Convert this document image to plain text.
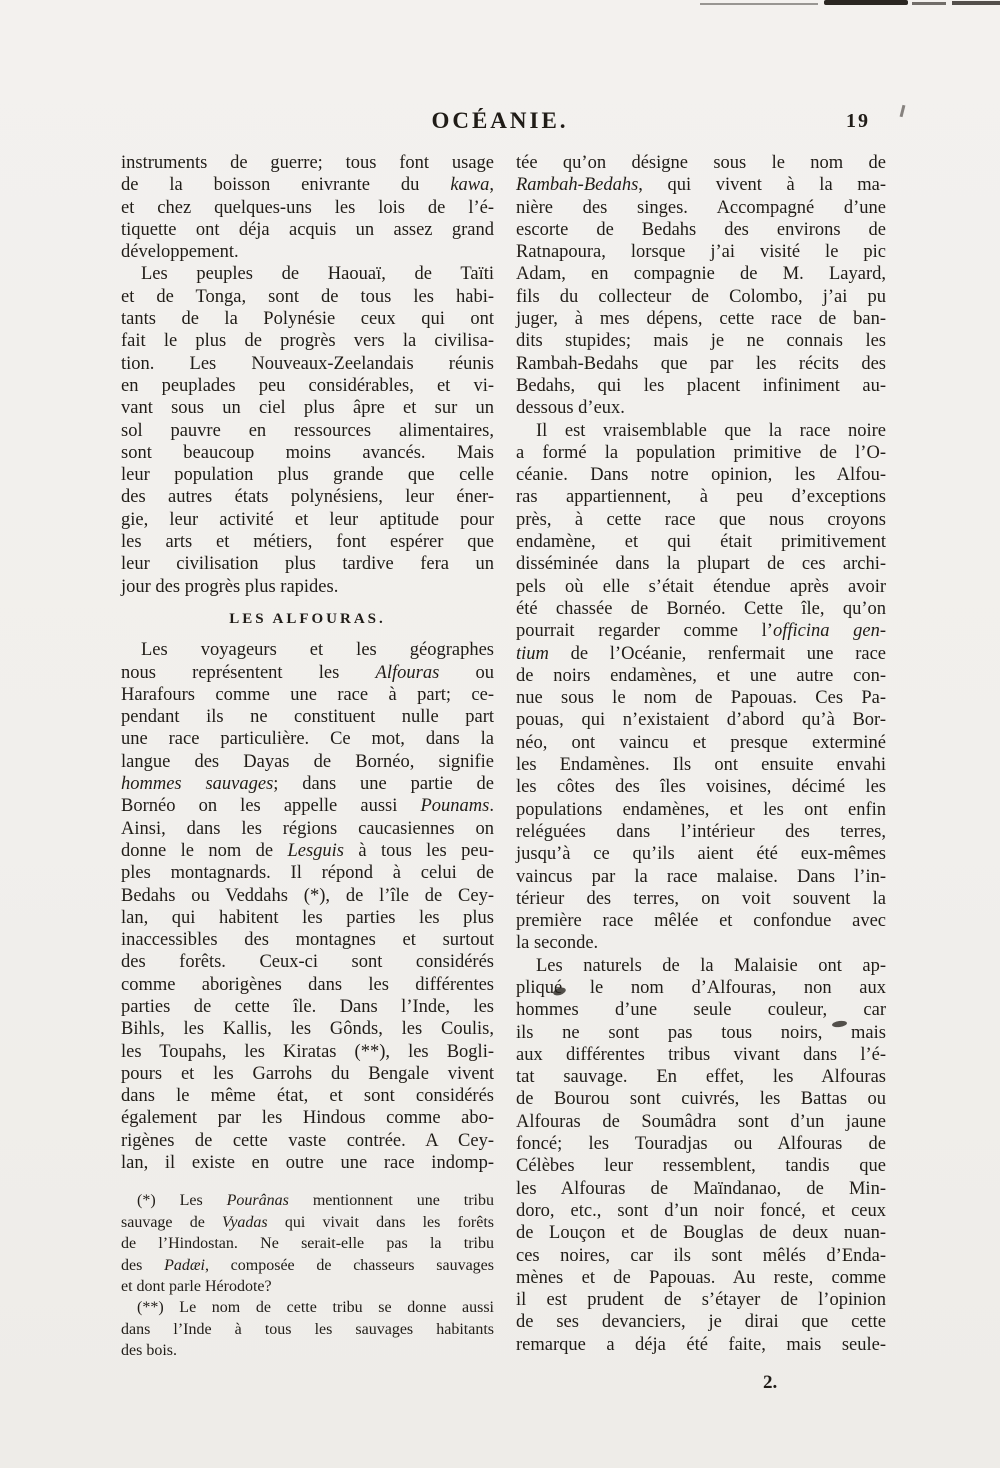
OCÉANIE.	19
instruments de guerre; tous font usage
de la boisson enivrante du kawa,
et chez quelques-uns les lois de l’é-
tiquette ont déja acquis un assez grand
développement.
Les peuples de Haouaï, de Taïti
et de Tonga, sont de tous les habi-
tants de la Polynésie ceux qui ont
fait le plus de progrès vers la civilisa-
tion. Les Nouveaux-Zeelandais réunis
en peuplades peu considérables, et vi-
vant sous un ciel plus âpre et sur un
sol pauvre en ressources alimentaires,
sont beaucoup moins avancés. Mais
leur population plus grande que celle
des autres états polynésiens, leur éner-
gie, leur activité et leur aptitude pour
les arts et métiers, font espérer que
leur civilisation plus tardive fera un
jour des progrès plus rapides.
LES ALFOURAS.
Les voyageurs et les géographes
nous représentent les Alfouras ou
Harafours comme une race à part; ce-
pendant ils ne constituent nulle part
une race particulière. Ce mot, dans la
langue des Dayas de Bornéo, signifie
hommes sauvages; dans une partie de
Bornéo on les appelle aussi Pounams.
Ainsi, dans les régions caucasiennes on
donne le nom de Lesguis à tous les peu-
ples montagnards. Il répond à celui de
Bedahs ou Veddahs (*), de l’île de Cey-
lan, qui habitent les parties les plus
inaccessibles des montagnes et surtout
des forêts. Ceux-ci sont considérés
comme aborigènes dans les différentes
parties de cette île. Dans l’Inde, les
Bihls, les Kallis, les Gônds, les Coulis,
les Toupahs, les Kiratas (**), les Bogli-
pours et les Garrohs du Bengale vivent
dans le même état, et sont considérés
également par les Hindous comme abo-
rigènes de cette vaste contrée. A Cey-
lan, il existe en outre une race indomp-
(*) Les Pourânas mentionnent une tribu
sauvage de Vyadas qui vivait dans les forêts
de l’Hindostan. Ne serait-elle pas la tribu
des Padæi, composée de chasseurs sauvages
et dont parle Hérodote?
(**) Le nom de cette tribu se donne aussi
dans l’Inde à tous les sauvages habitants
des bois.
tée qu’on désigne sous le nom de
Rambah-Bedahs, qui vivent à la ma-
nière des singes. Accompagné d’une
escorte de Bedahs des environs de
Ratnapoura, lorsque j’ai visité le pic
Adam, en compagnie de M. Layard,
fils du collecteur de Colombo, j’ai pu
juger, à mes dépens, cette race de ban-
dits stupides; mais je ne connais les
Rambah-Bedahs que par les récits des
Bedahs, qui les placent infiniment au-
dessous d’eux.
Il est vraisemblable que la race noire
a formé la population primitive de l’O-
céanie. Dans notre opinion, les Alfou-
ras appartiennent, à peu d’exceptions
près, à cette race que nous croyons
endamène, et qui était primitivement
disséminée dans la plupart de ces archi-
pels où elle s’était étendue après avoir
été chassée de Bornéo. Cette île, qu’on
pourrait regarder comme l’officina gen-
tium de l’Océanie, renfermait une race
de noirs endamènes, et une autre con-
nue sous le nom de Papouas. Ces Pa-
pouas, qui n’existaient d’abord qu’à Bor-
néo, ont vaincu et presque exterminé
les Endamènes. Ils ont ensuite envahi
les côtes des îles voisines, décimé les
populations endamènes, et les ont enfin
reléguées dans l’intérieur des terres,
jusqu’à ce qu’ils aient été eux-mêmes
vaincus par la race malaise. Dans l’in-
térieur des terres, on voit souvent la
première race mêlée et confondue avec
la seconde.
Les naturels de la Malaisie ont ap-
pliqué le nom d’Alfouras, non aux
hommes d’une seule couleur, car
ils ne sont pas tous noirs, mais
aux différentes tribus vivant dans l’é-
tat sauvage. En effet, les Alfouras
de Bourou sont cuivrés, les Battas ou
Alfouras de Soumâdra sont d’un jaune
foncé; les Touradjas ou Alfouras de
Célèbes leur ressemblent, tandis que
les Alfouras de Maïndanao, de Min-
doro, etc., sont d’un noir foncé, et ceux
de Louçon et de Bouglas de deux nuan-
ces noires, car ils sont mêlés d’Enda-
mènes et de Papouas. Au reste, comme
il est prudent de s’étayer de l’opinion
de ses devanciers, je dirai que cette
remarque a déja été faite, mais seule-
2.
